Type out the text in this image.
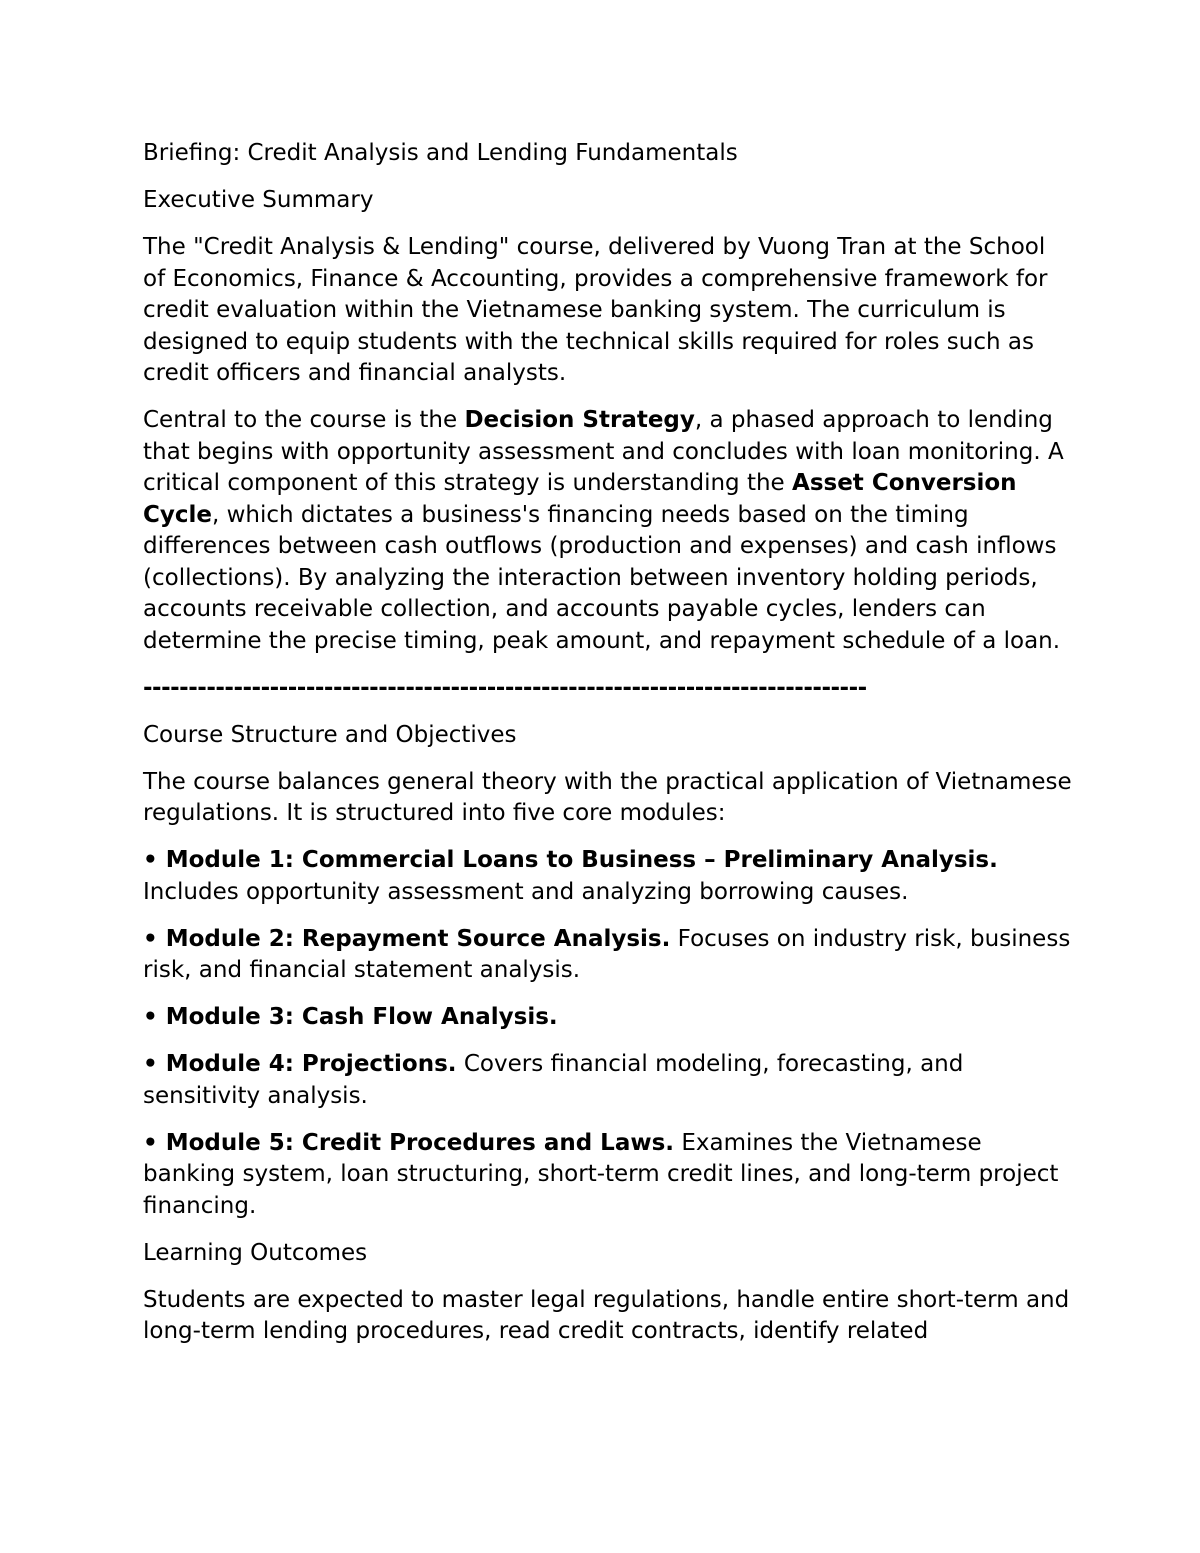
Briefing: Credit Analysis and Lending Fundamentals

Executive Summary

The "Credit Analysis & Lending" course, delivered by Vuong Tran at the School of Economics, Finance & Accounting, provides a comprehensive framework for credit evaluation within the Vietnamese banking system. The curriculum is designed to equip students with the technical skills required for roles such as credit officers and financial analysts.

Central to the course is the Decision Strategy, a phased approach to lending that begins with opportunity assessment and concludes with loan monitoring. A critical component of this strategy is understanding the Asset Conversion Cycle, which dictates a business's financing needs based on the timing differences between cash outflows (production and expenses) and cash inflows (collections). By analyzing the interaction between inventory holding periods, accounts receivable collection, and accounts payable cycles, lenders can determine the precise timing, peak amount, and repayment schedule of a loan.

--------------------------------------------------------------------------------

Course Structure and Objectives

The course balances general theory with the practical application of Vietnamese regulations. It is structured into five core modules:

• Module 1: Commercial Loans to Business – Preliminary Analysis. Includes opportunity assessment and analyzing borrowing causes.

• Module 2: Repayment Source Analysis. Focuses on industry risk, business risk, and financial statement analysis.

• Module 3: Cash Flow Analysis.

• Module 4: Projections. Covers financial modeling, forecasting, and sensitivity analysis.

• Module 5: Credit Procedures and Laws. Examines the Vietnamese banking system, loan structuring, short-term credit lines, and long-term project financing.

Learning Outcomes

Students are expected to master legal regulations, handle entire short-term and long-term lending procedures, read credit contracts, identify related
